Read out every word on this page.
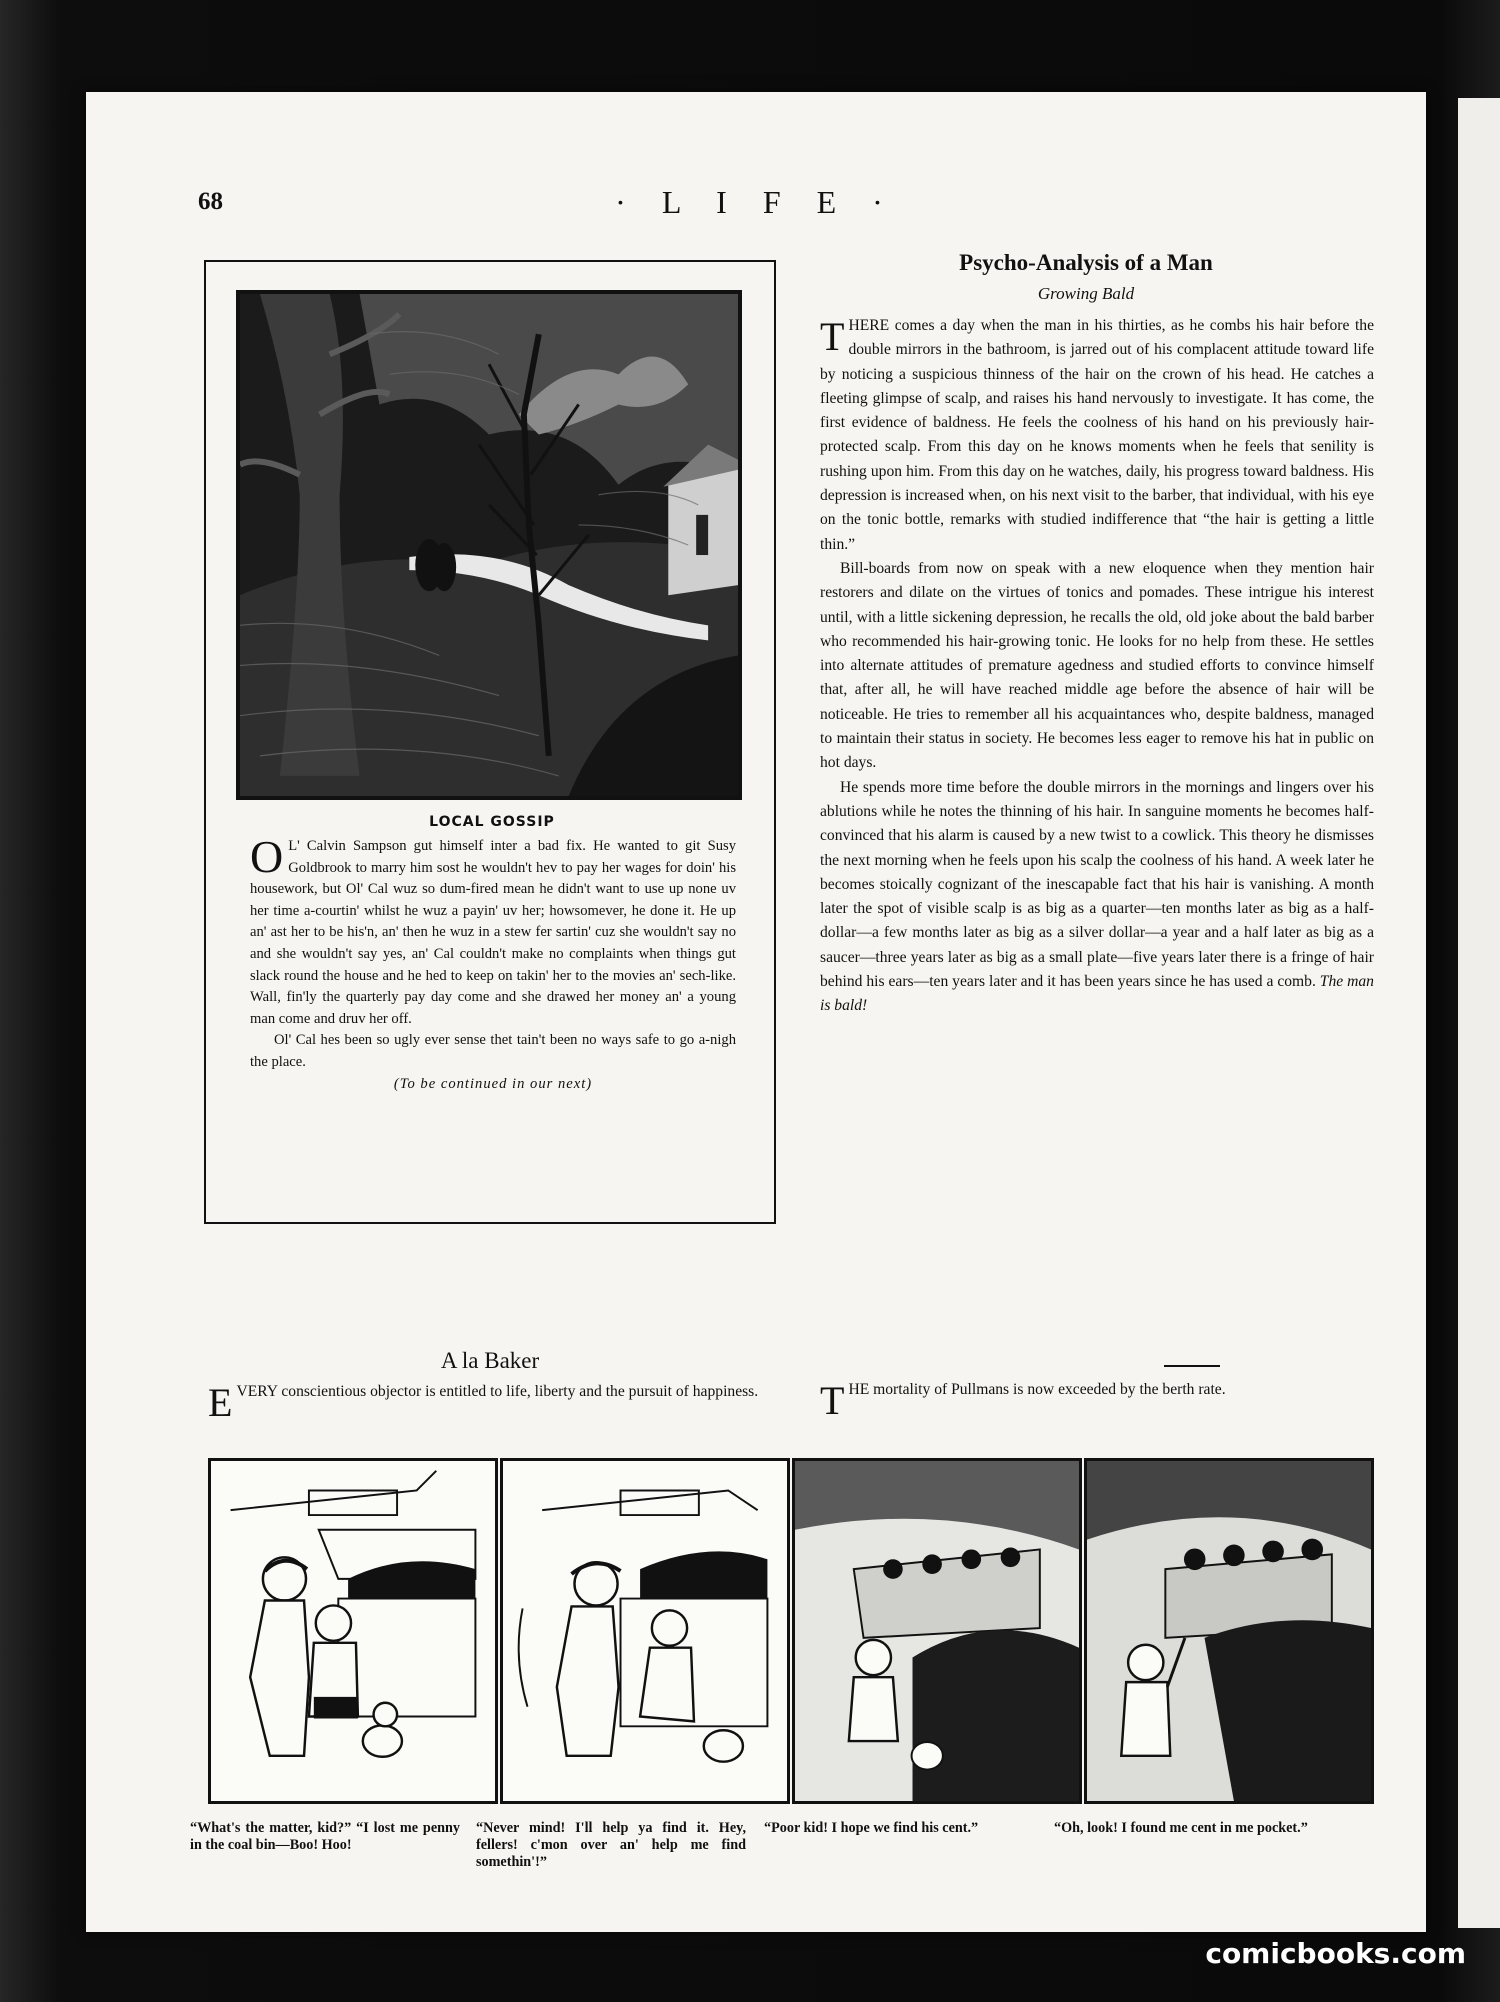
68	· L I F E ·
LOCAL GOSSIP

O L' Calvin Sampson gut himself inter a bad fix. He wanted to git Susy Goldbrook to marry him sost he wouldn't hev to pay her wages for doin' his housework, but Ol' Cal wuz so dum-fired mean he didn't want to use up none uv her time a-courtin' whilst he wuz a payin' uv her; howsomever, he done it. He up an' ast her to be his'n, an' then he wuz in a stew fer sartin' cuz she wouldn't say no and she wouldn't say yes, an' Cal couldn't make no complaints when things gut slack round the house and he hed to keep on takin' her to the movies an' sech-like. Wall, fin'ly the quarterly pay day come and she drawed her money an' a young man come and druv her off.

Ol' Cal hes been so ugly ever sense thet tain't been no ways safe to go a-nigh the place.

(To be continued in our next)

Psycho-Analysis of a Man
Growing Bald

THERE comes a day when the man in his thirties, as he combs his hair before the double mirrors in the bathroom, is jarred out of his complacent attitude toward life by noticing a suspicious thinness of the hair on the crown of his head. He catches a fleeting glimpse of scalp, and raises his hand nervously to investigate. It has come, the first evidence of baldness. He feels the coolness of his hand on his previously hair-protected scalp. From this day on he knows moments when he feels that senility is rushing upon him. From this day on he watches, daily, his progress toward baldness. His depression is increased when, on his next visit to the barber, that individual, with his eye on the tonic bottle, remarks with studied indifference that “the hair is getting a little thin.”

Bill-boards from now on speak with a new eloquence when they mention hair restorers and dilate on the virtues of tonics and pomades. These intrigue his interest until, with a little sickening depression, he recalls the old, old joke about the bald barber who recommended his hair-growing tonic. He looks for no help from these. He settles into alternate attitudes of premature agedness and studied efforts to convince himself that, after all, he will have reached middle age before the absence of hair will be noticeable. He tries to remember all his acquaintances who, despite baldness, managed to maintain their status in society. He becomes less eager to remove his hat in public on hot days.

He spends more time before the double mirrors in the mornings and lingers over his ablutions while he notes the thinning of his hair. In sanguine moments he becomes half-convinced that his alarm is caused by a new twist to a cowlick. This theory he dismisses the next morning when he feels upon his scalp the coolness of his hand. A week later he becomes stoically cognizant of the inescapable fact that his hair is vanishing. A month later the spot of visible scalp is as big as a quarter—ten months later as big as a half-dollar—a few months later as big as a silver dollar—a year and a half later as big as a saucer—three years later as big as a small plate—five years later there is a fringe of hair behind his ears—ten years later and it has been years since he has used a comb. The man is bald!

THE mortality of Pullmans is now exceeded by the berth rate.
A la Baker
EVERY conscientious objector is entitled to life, liberty and the pursuit of happiness.
“What's the matter, kid?” “I lost me penny in the coal bin—Boo! Hoo!
“Never mind! I'll help ya find it. Hey, fellers! c'mon over an' help me find somethin'!”
“Poor kid! I hope we find his cent.”	“Oh, look! I found me cent in me pocket.”
comicbooks.com
